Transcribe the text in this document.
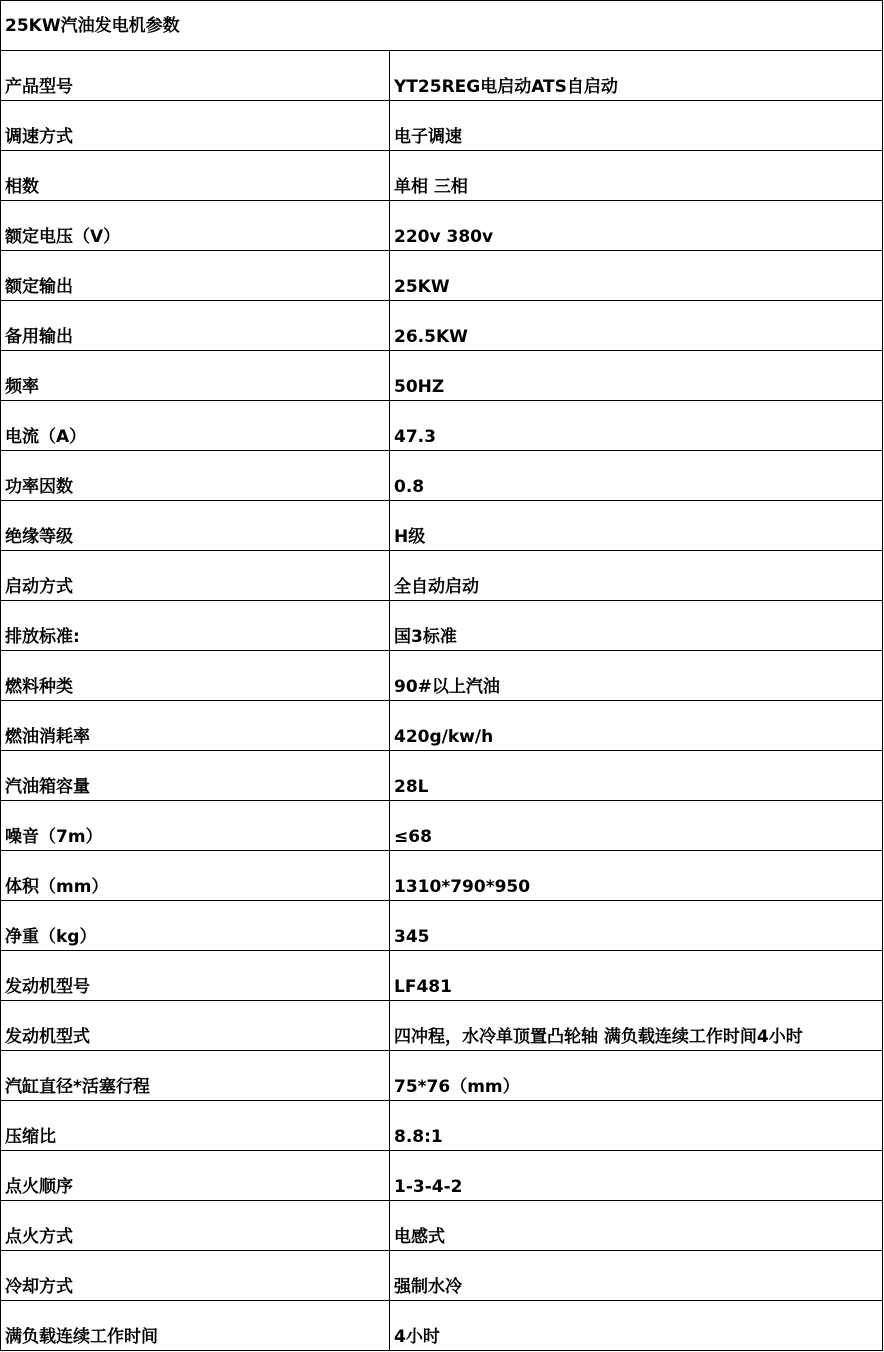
25KW汽油发电机参数	
产品型号	YT25REG电启动ATS自启动
调速方式	电子调速
相数	单相 三相
额定电压（V）	220v 380v
额定输出	25KW
备用输出	26.5KW
频率	50HZ
电流（A）	47.3
功率因数	0.8
绝缘等级	H级
启动方式	全自动启动
排放标准:	国3标准
燃料种类	90#以上汽油
燃油消耗率	420g/kw/h
汽油箱容量	28L
噪音（7m）	≤68
体积（mm）	1310*790*950
净重（kg）	345
发动机型号	LF481
发动机型式	四冲程，水冷单顶置凸轮轴 满负载连续工作时间4小时
汽缸直径*活塞行程	75*76（mm）
压缩比	8.8:1
点火顺序	1-3-4-2
点火方式	电感式
冷却方式	强制水冷
满负载连续工作时间	4小时
